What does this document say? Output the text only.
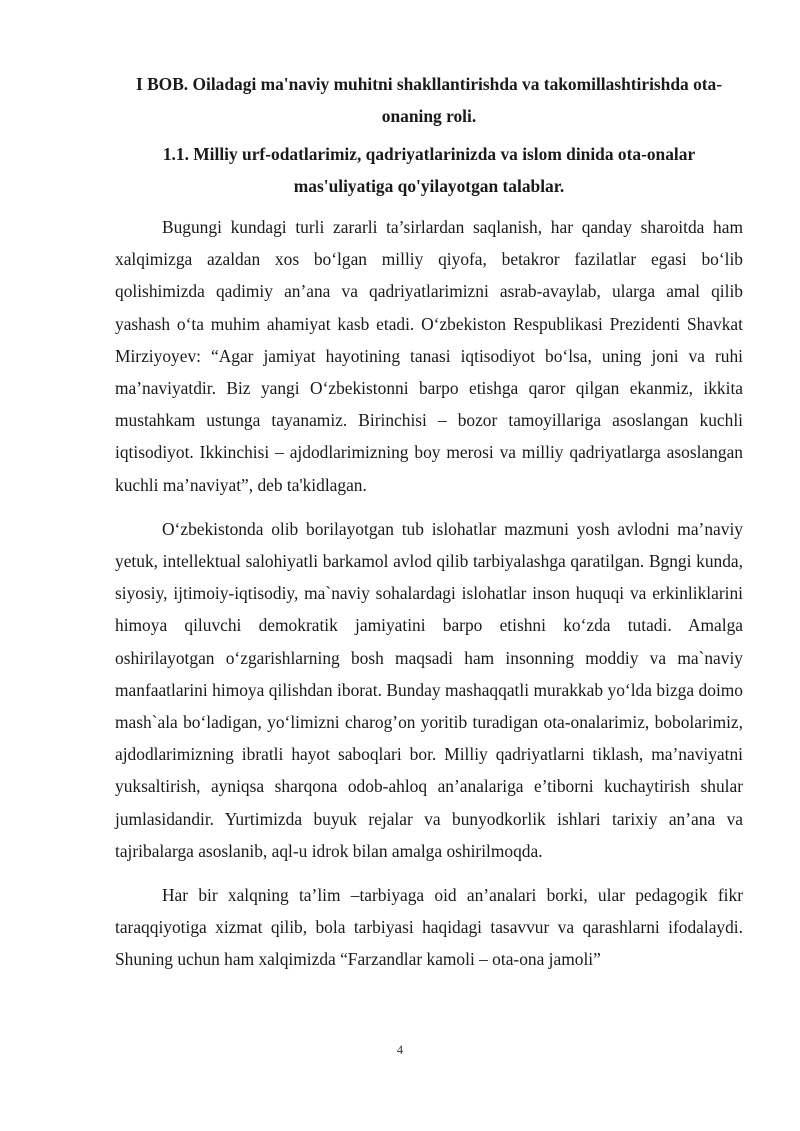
I BOB. Oiladagi ma'naviy muhitni shakllantirishda va takomillashtirishda ota-onaning roli.

1.1. Milliy urf-odatlarimiz, qadriyatlarinizda va islom dinida ota-onalar mas'uliyatiga qo'yilayotgan talablar.

Bugungi kundagi turli zararli ta’sirlardan saqlanish, har qanday sharoitda ham xalqimizga azaldan xos bo‘lgan milliy qiyofa, betakror fazilatlar egasi bo‘lib qolishimizda qadimiy an’ana va qadriyatlarimizni asrab-avaylab, ularga amal qilib yashash o‘ta muhim ahamiyat kasb etadi. O‘zbekiston Respublikasi Prezidenti Shavkat Mirziyoyev: “Agar jamiyat hayotining tanasi iqtisodiyot bo‘lsa, uning joni va ruhi ma’naviyatdir. Biz yangi O‘zbekistonni barpo etishga qaror qilgan ekanmiz, ikkita mustahkam ustunga tayanamiz. Birinchisi – bozor tamoyillariga asoslangan kuchli iqtisodiyot. Ikkinchisi – ajdodlarimizning boy merosi va milliy qadriyatlarga asoslangan kuchli ma’naviyat”, deb ta'kidlagan.

O‘zbekistonda olib borilayotgan tub islohatlar mazmuni yosh avlodni ma’naviy yetuk, intellektual salohiyatli barkamol avlod qilib tarbiyalashga qaratilgan. Bgngi kunda, siyosiy, ijtimoiy-iqtisodiy, ma`naviy sohalardagi islohatlar inson huquqi va erkinliklarini himoya qiluvchi demokratik jamiyatini barpo etishni ko‘zda tutadi. Amalga oshirilayotgan o‘zgarishlarning bosh maqsadi ham insonning moddiy va ma`naviy manfaatlarini himoya qilishdan iborat. Bunday mashaqqatli murakkab yo‘lda bizga doimo mash`ala bo‘ladigan, yo‘limizni charog’on yoritib turadigan ota-onalarimiz, bobolarimiz, ajdodlarimizning ibratli hayot saboqlari bor. Milliy qadriyatlarni tiklash, ma’naviyatni yuksaltirish, ayniqsa sharqona odob-ahloq an’analariga e’tiborni kuchaytirish shular jumlasidandir. Yurtimizda buyuk rejalar va bunyodkorlik ishlari tarixiy an’ana va tajribalarga asoslanib, aql-u idrok bilan amalga oshirilmoqda.

Har bir xalqning ta’lim –tarbiyaga oid an’analari borki, ular pedagogik fikr taraqqiyotiga xizmat qilib, bola tarbiyasi haqidagi tasavvur va qarashlarni ifodalaydi. Shuning uchun ham xalqimizda “Farzandlar kamoli – ota-ona jamoli”

4
